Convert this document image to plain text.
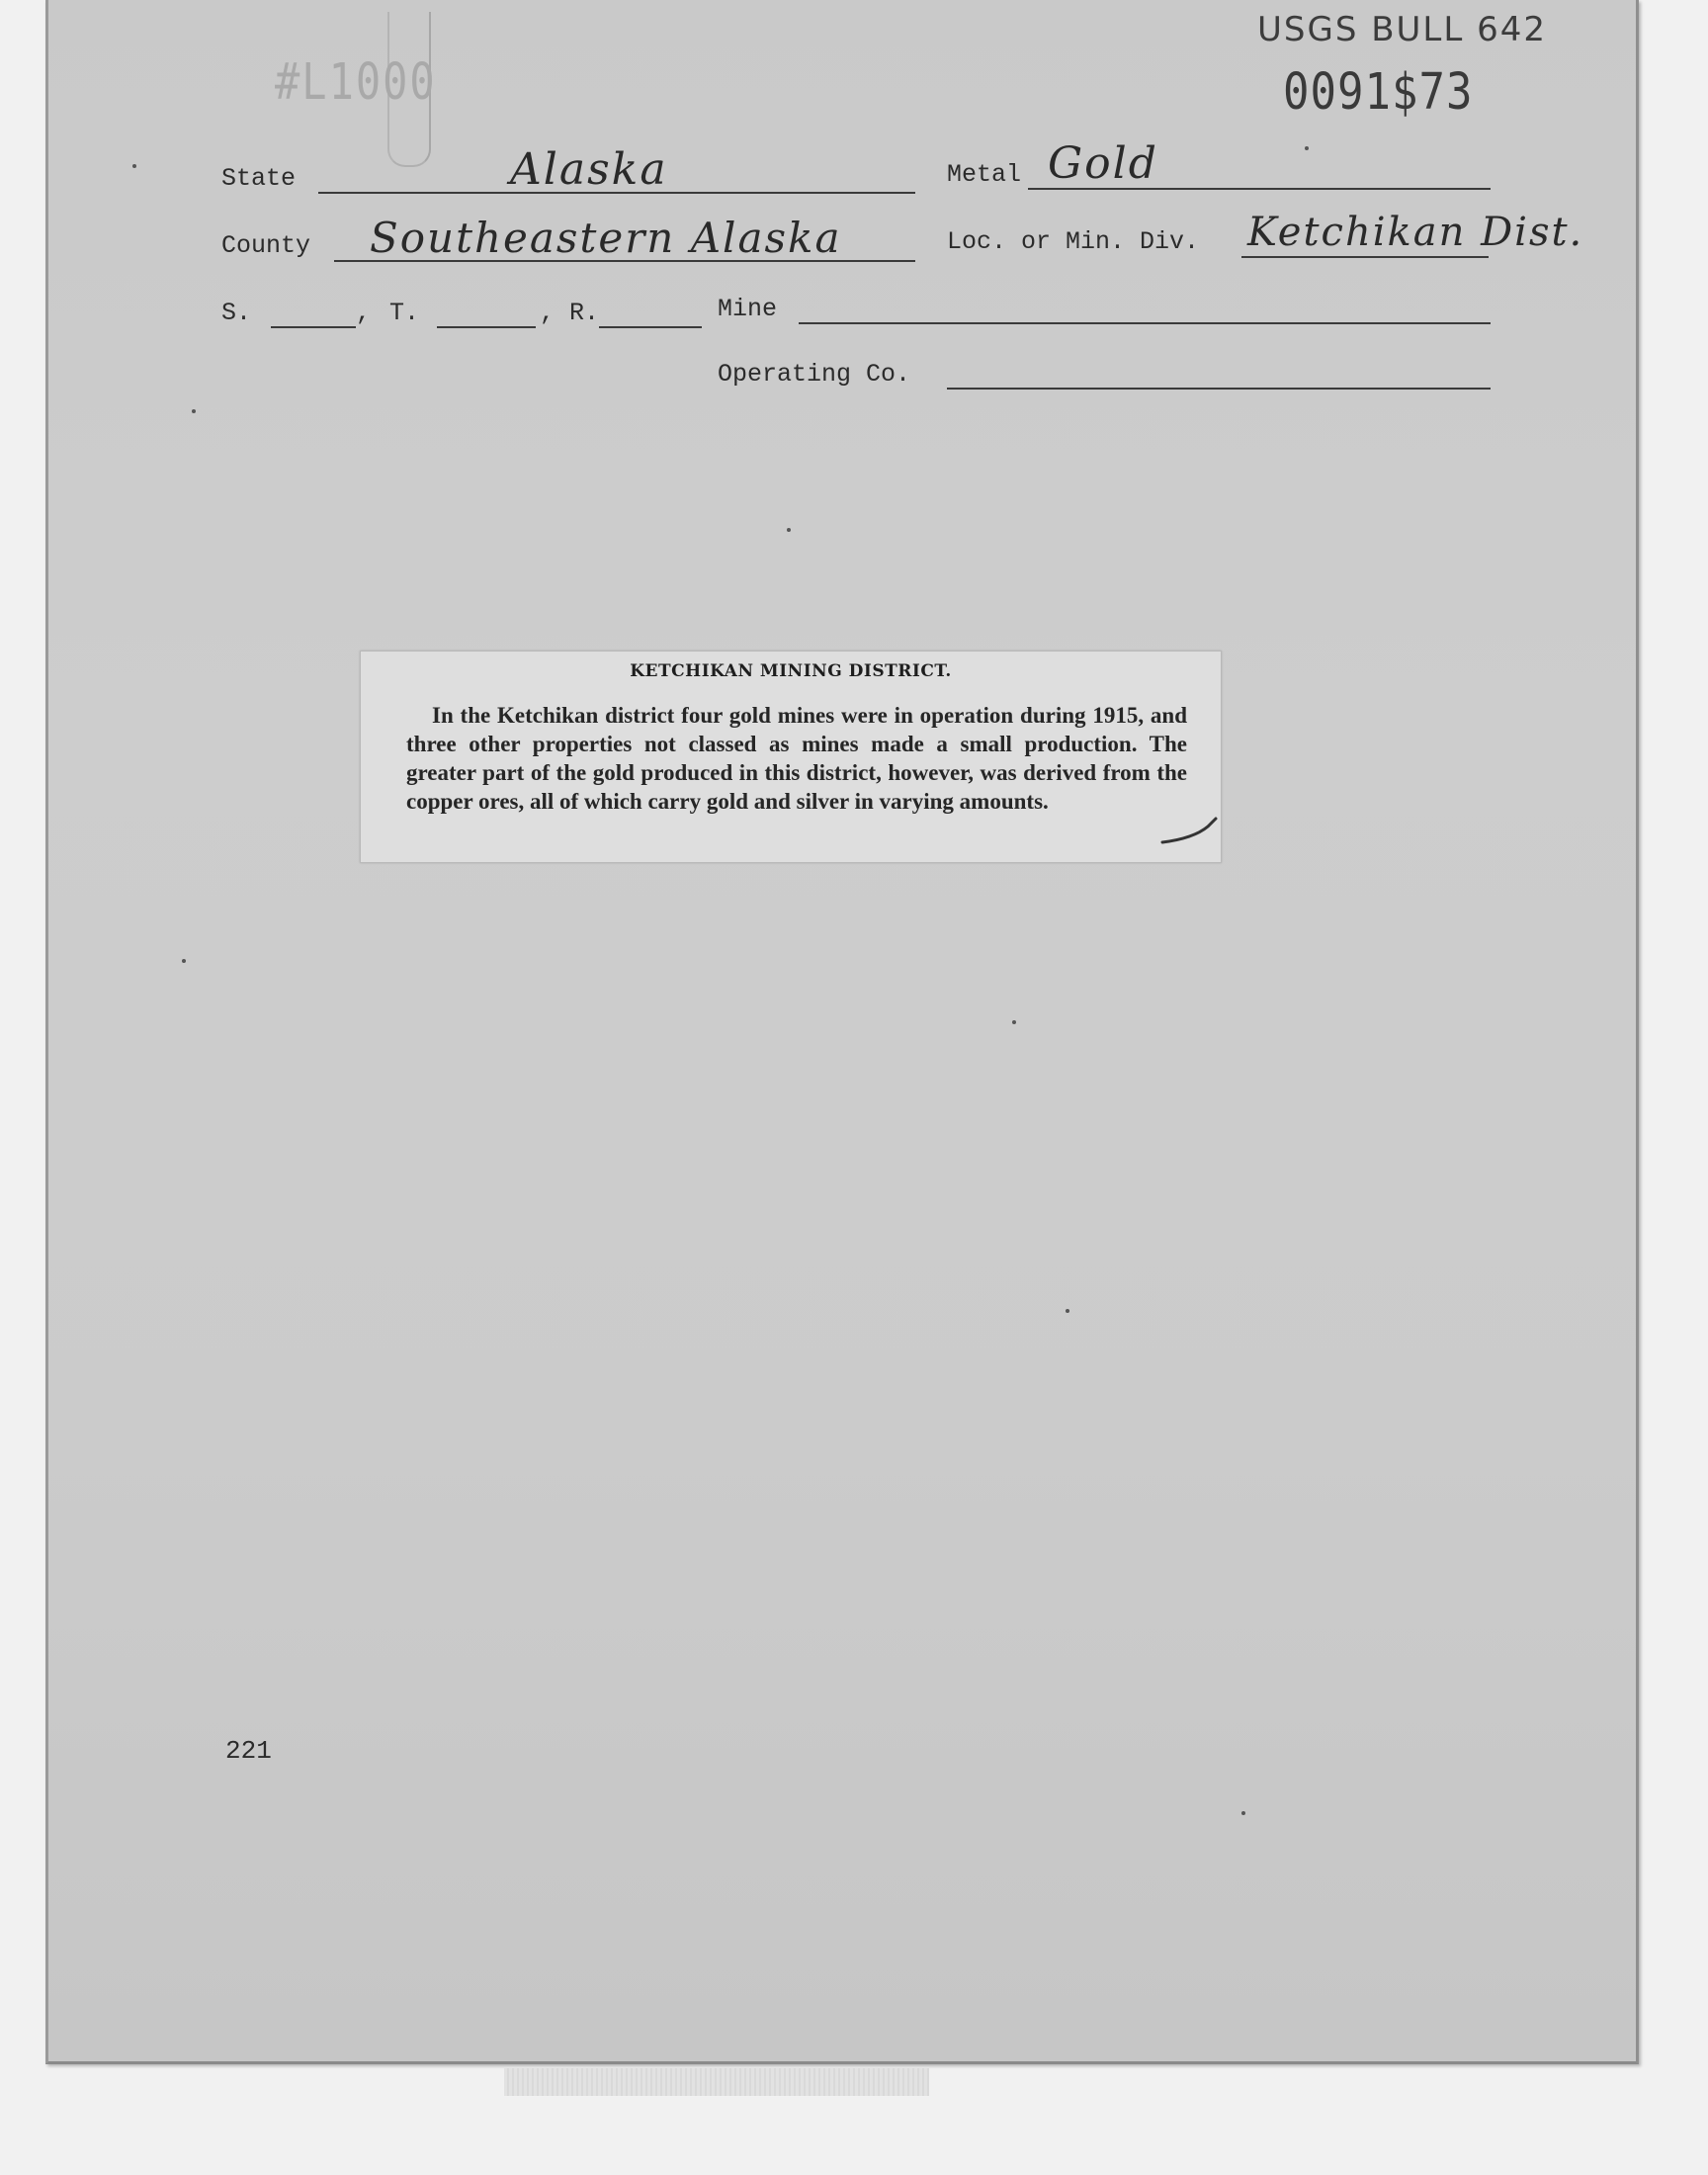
#L1000
USGS BULL 642
0091$73
State	Alaska	Metal Gold
County Southeastern Alaska	Loc. or Min. Div. Ketchikan Dist.
S.	, T.	, R.	Mine
Operating Co.
KETCHIKAN MINING DISTRICT.
In the Ketchikan district four gold mines were in operation during 1915, and three other properties not classed as mines made a small production. The greater part of the gold produced in this district, however, was derived from the copper ores, all of which carry gold and silver in varying amounts.
221
